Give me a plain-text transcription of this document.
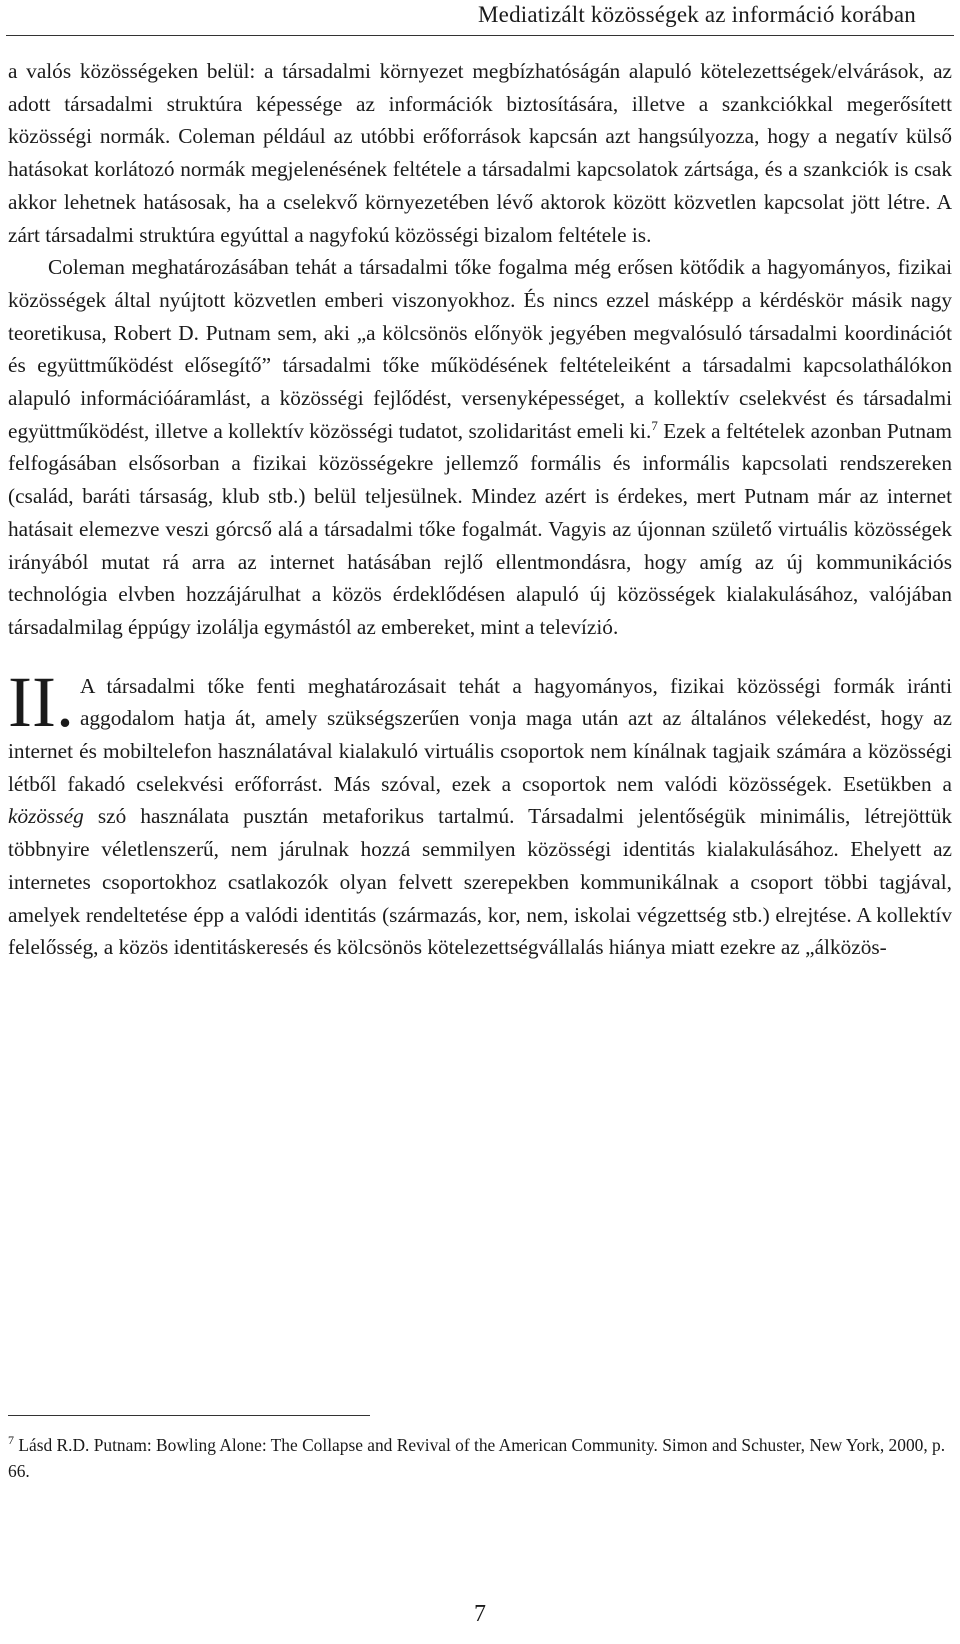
Mediatizált közösségek az információ korában

a valós közösségeken belül: a társadalmi környezet megbízhatóságán alapuló kötelezettségek/elvárások, az adott társadalmi struktúra képessége az információk biztosítására, illetve a szankciókkal megerősített közösségi normák. Coleman például az utóbbi erőforrások kapcsán azt hangsúlyozza, hogy a negatív külső hatásokat korlátozó normák megjelenésének feltétele a társadalmi kapcsolatok zártsága, és a szankciók is csak akkor lehetnek hatásosak, ha a cselekvő környezetében lévő aktorok között közvetlen kapcsolat jött létre. A zárt társadalmi struktúra egyúttal a nagyfokú közösségi bizalom feltétele is.

Coleman meghatározásában tehát a társadalmi tőke fogalma még erősen kötődik a hagyományos, fizikai közösségek által nyújtott közvetlen emberi viszonyokhoz. És nincs ezzel másképp a kérdéskör másik nagy teoretikusa, Robert D. Putnam sem, aki „a kölcsönös előnyök jegyében megvalósuló társadalmi koordinációt és együttműködést elősegítő” társadalmi tőke működésének feltételeiként a társadalmi kapcsolathálókon alapuló információáramlást, a közösségi fejlődést, versenyképességet, a kollektív cselekvést és társadalmi együttműködést, illetve a kollektív közösségi tudatot, szolidaritást emeli ki.$^7$ Ezek a feltételek azonban Putnam felfogásában elsősorban a fizikai közösségekre jellemző formális és informális kapcsolati rendszereken (család, baráti társaság, klub stb.) belül teljesülnek. Mindez azért is érdekes, mert Putnam már az internet hatásait elemezve veszi górcső alá a társadalmi tőke fogalmát. Vagyis az újonnan születő virtuális közösségek irányából mutat rá arra az internet hatásában rejlő ellentmondásra, hogy amíg az új kommunikációs technológia elvben hozzájárulhat a közös érdeklődésen alapuló új közösségek kialakulásához, valójában társadalmilag éppúgy izolálja egymástól az embereket, mint a televízió.

II. A társadalmi tőke fenti meghatározásait tehát a hagyományos, fizikai közösségi formák iránti aggodalom hatja át, amely szükségszerűen vonja maga után azt az általános vélekedést, hogy az internet és mobiltelefon használatával kialakuló virtuális csoportok nem kínálnak tagjaik számára a közösségi létből fakadó cselekvési erőforrást. Más szóval, ezek a csoportok nem valódi közösségek. Esetükben a közösség szó használata pusztán metaforikus tartalmú. Társadalmi jelentőségük minimális, létrejöttük többnyire véletlenszerű, nem járulnak hozzá semmilyen közösségi identitás kialakulásához. Ehelyett az internetes csoportokhoz csatlakozók olyan felvett szerepekben kommunikálnak a csoport többi tagjával, amelyek rendeltetése épp a valódi identitás (származás, kor, nem, iskolai végzettség stb.) elrejtése. A kollektív felelősség, a közös identitáskeresés és kölcsönös kötelezettségvállalás hiánya miatt ezekre az „álközös-

$^7$ Lásd R.D. Putnam: Bowling Alone: The Collapse and Revival of the American Community. Simon and Schuster, New York, 2000, p. 66.
7
